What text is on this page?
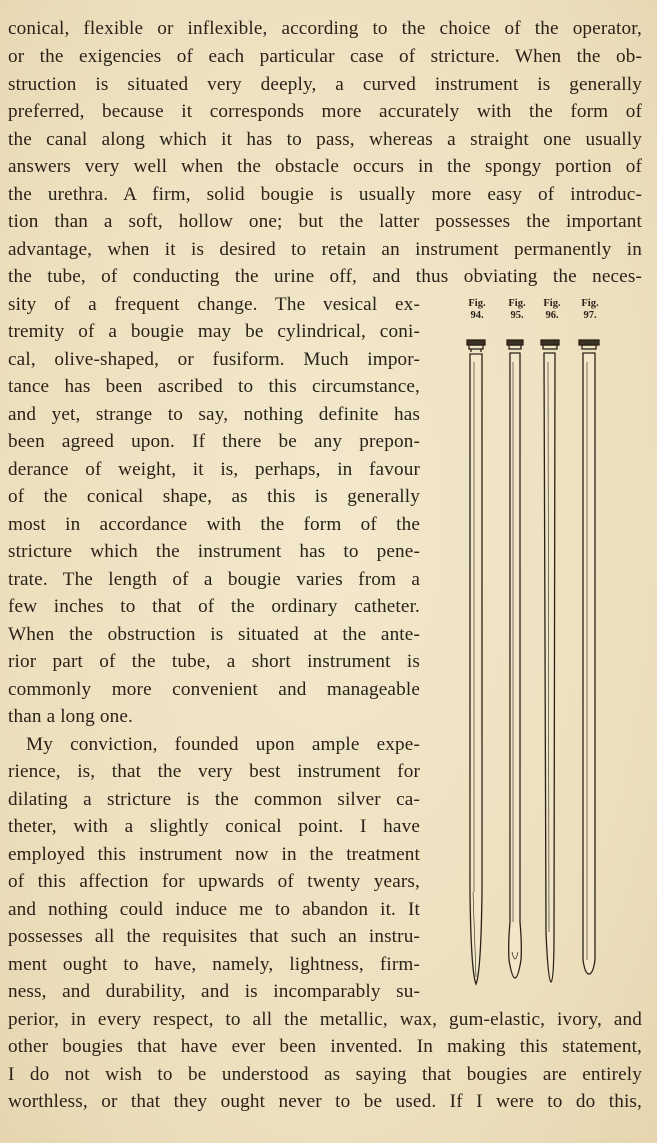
conical, flexible or inflexible, according to the choice of the operator,
or the exigencies of each particular case of stricture. When the ob-
struction is situated very deeply, a curved instrument is generally
preferred, because it corresponds more accurately with the form of
the canal along which it has to pass, whereas a straight one usually
answers very well when the obstacle occurs in the spongy portion of
the urethra. A firm, solid bougie is usually more easy of introduc-
tion than a soft, hollow one; but the latter possesses the important
advantage, when it is desired to retain an instrument permanently in
the tube, of conducting the urine off, and thus obviating the neces-
sity of a frequent change. The vesical ex-
tremity of a bougie may be cylindrical, coni-
cal, olive-shaped, or fusiform. Much impor-
tance has been ascribed to this circumstance,
and yet, strange to say, nothing definite has
been agreed upon. If there be any prepon-
derance of weight, it is, perhaps, in favour
of the conical shape, as this is generally
most in accordance with the form of the
stricture which the instrument has to pene-
trate. The length of a bougie varies from a
few inches to that of the ordinary catheter.
When the obstruction is situated at the ante-
rior part of the tube, a short instrument is
commonly more convenient and manageable
than a long one.
My conviction, founded upon ample expe-
rience, is, that the very best instrument for
dilating a stricture is the common silver ca-
theter, with a slightly conical point. I have
employed this instrument now in the treatment
of this affection for upwards of twenty years,
and nothing could induce me to abandon it. It
possesses all the requisites that such an instru-
ment ought to have, namely, lightness, firm-
ness, and durability, and is incomparably su-
perior, in every respect, to all the metallic, wax, gum-elastic, ivory, and
other bougies that have ever been invented. In making this statement,
I do not wish to be understood as saying that bougies are entirely
worthless, or that they ought never to be used. If I were to do this,
Fig.
94.
Fig.
95.
Fig.
96.
Fig.
97.
